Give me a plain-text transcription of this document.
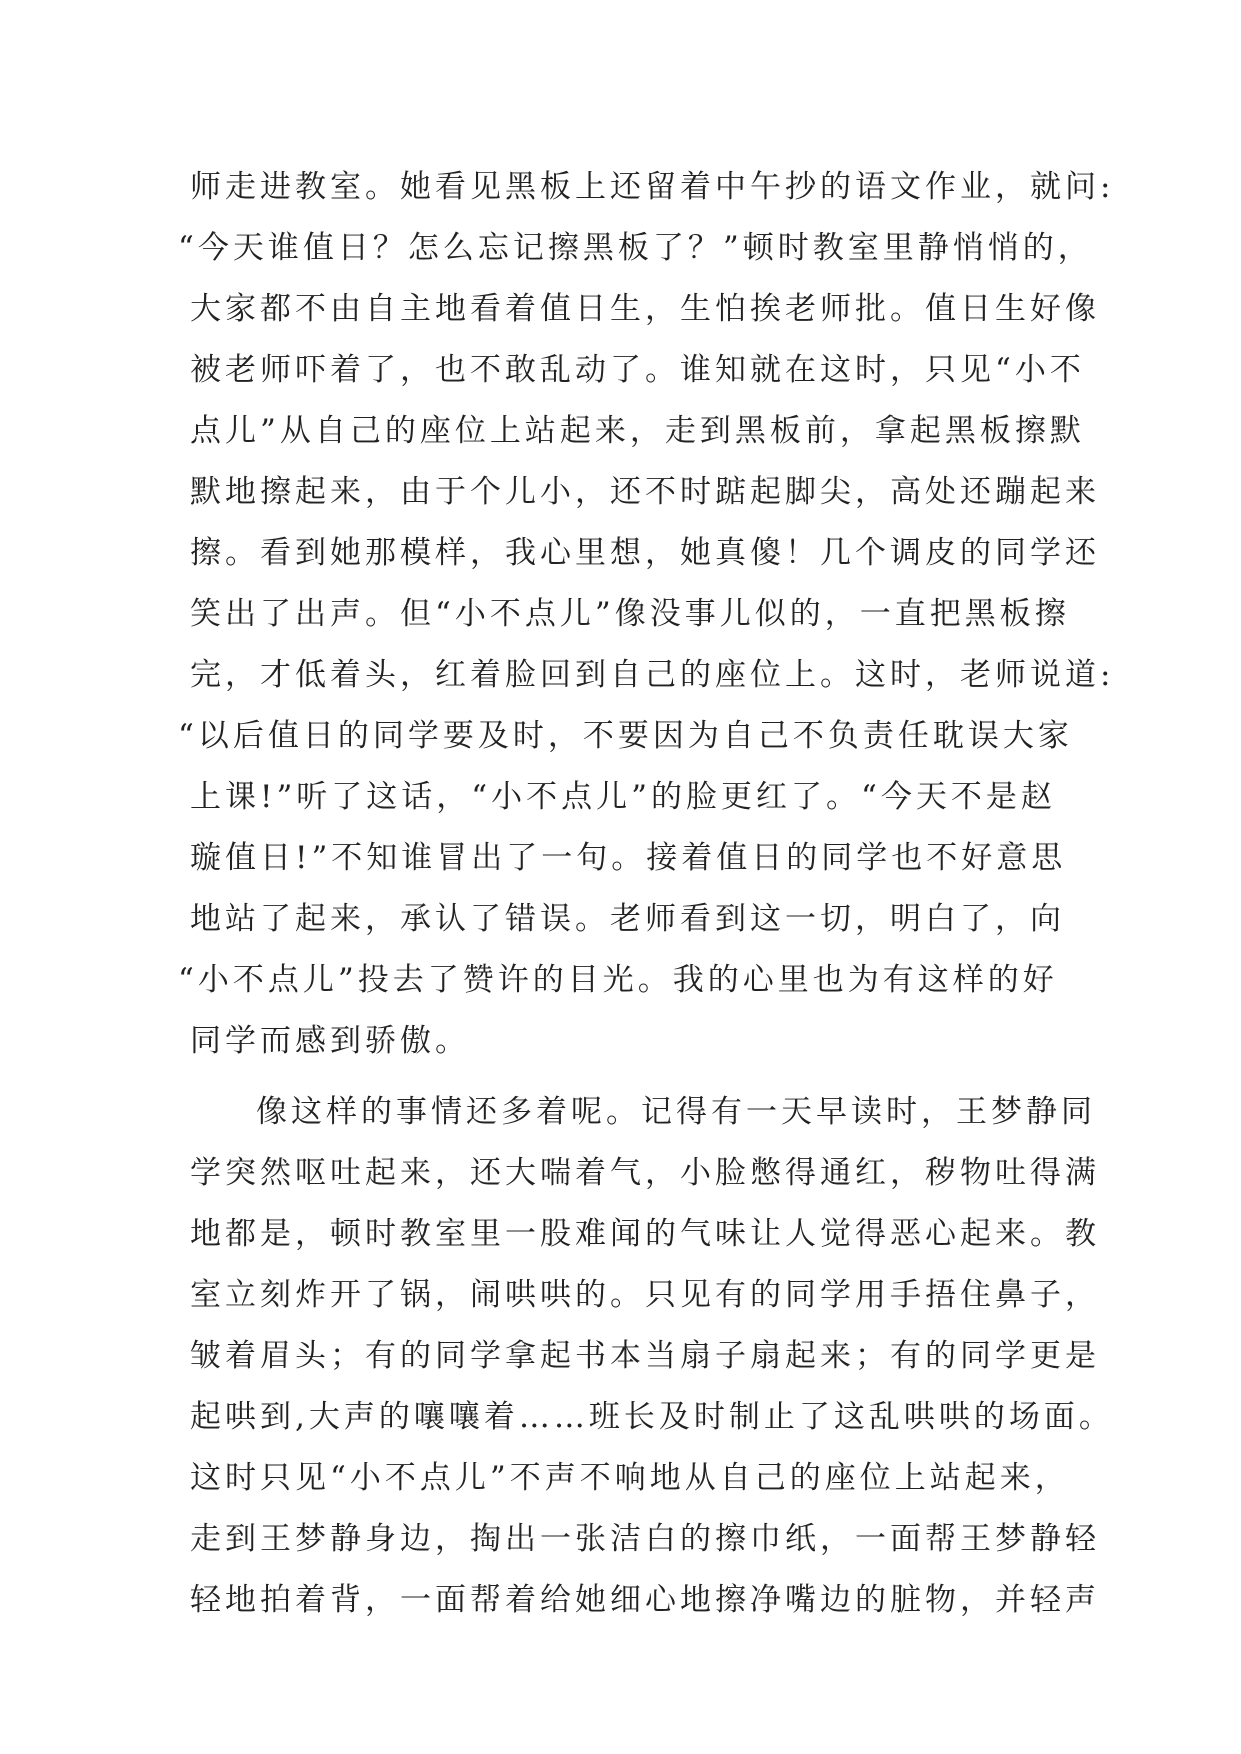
师走进教室。她看见黑板上还留着中午抄的语文作业，就问:
“今天谁值日？怎么忘记擦黑板了？”顿时教室里静悄悄的，
大家都不由自主地看着值日生，生怕挨老师批。值日生好像
被老师吓着了，也不敢乱动了。谁知就在这时，只见“小不
点儿”从自己的座位上站起来，走到黑板前，拿起黑板擦默
默地擦起来，由于个儿小，还不时踮起脚尖，高处还蹦起来
擦。看到她那模样，我心里想，她真傻！几个调皮的同学还
笑出了出声。但“小不点儿”像没事儿似的，一直把黑板擦
完，才低着头，红着脸回到自己的座位上。这时，老师说道:
“以后值日的同学要及时，不要因为自己不负责任耽误大家
上课!”听了这话，“小不点儿”的脸更红了。“今天不是赵
璇值日!”不知谁冒出了一句。接着值日的同学也不好意思
地站了起来，承认了错误。老师看到这一切，明白了，向
“小不点儿”投去了赞许的目光。我的心里也为有这样的好
同学而感到骄傲。
像这样的事情还多着呢。记得有一天早读时，王梦静同
学突然呕吐起来，还大喘着气，小脸憋得通红，秽物吐得满
地都是，顿时教室里一股难闻的气味让人觉得恶心起来。教
室立刻炸开了锅，闹哄哄的。只见有的同学用手捂住鼻子，
皱着眉头；有的同学拿起书本当扇子扇起来；有的同学更是
起哄到,大声的嚷嚷着……班长及时制止了这乱哄哄的场面。
这时只见“小不点儿”不声不响地从自己的座位上站起来，
走到王梦静身边，掏出一张洁白的擦巾纸，一面帮王梦静轻
轻地拍着背，一面帮着给她细心地擦净嘴边的脏物，并轻声
